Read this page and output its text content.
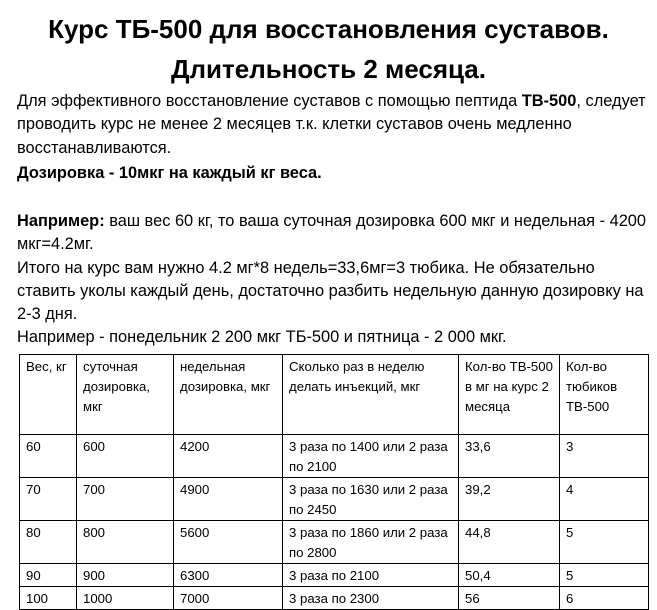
Курс ТБ-500 для восстановления суставов.
Длительность 2 месяца.
Для эффективного восстановление суставов с помощью пептида ТВ-500, следует проводить курс не менее 2 месяцев т.к. клетки суставов очень медленно восстанавливаются.
Дозировка - 10мкг на каждый кг веса.
Например: ваш вес 60 кг, то ваша суточная дозировка 600 мкг и недельная - 4200 мкг=4.2мг.
Итого на курс вам нужно 4.2 мг*8 недель=33,6мг=3 тюбика. Не обязательно ставить уколы каждый день, достаточно разбить недельную данную дозировку на 2-3 дня.
Например - понедельник 2 200 мкг ТБ-500 и пятница - 2 000 мкг.
Вес, кг	суточная дозировка, мкг	недельная дозировка, мкг	Сколько раз в неделю делать инъекций, мкг	Кол-во ТВ-500 в мг на курс 2 месяца	Кол-во тюбиков ТВ-500
60	600	4200	3 раза по 1400 или 2 раза по 2100	33,6	3
70	700	4900	3 раза по 1630 или 2 раза по 2450	39,2	4
80	800	5600	3 раза по 1860 или 2 раза по 2800	44,8	5
90	900	6300	3 раза по 2100	50,4	5
100	1000	7000	3 раза по 2300	56	6
